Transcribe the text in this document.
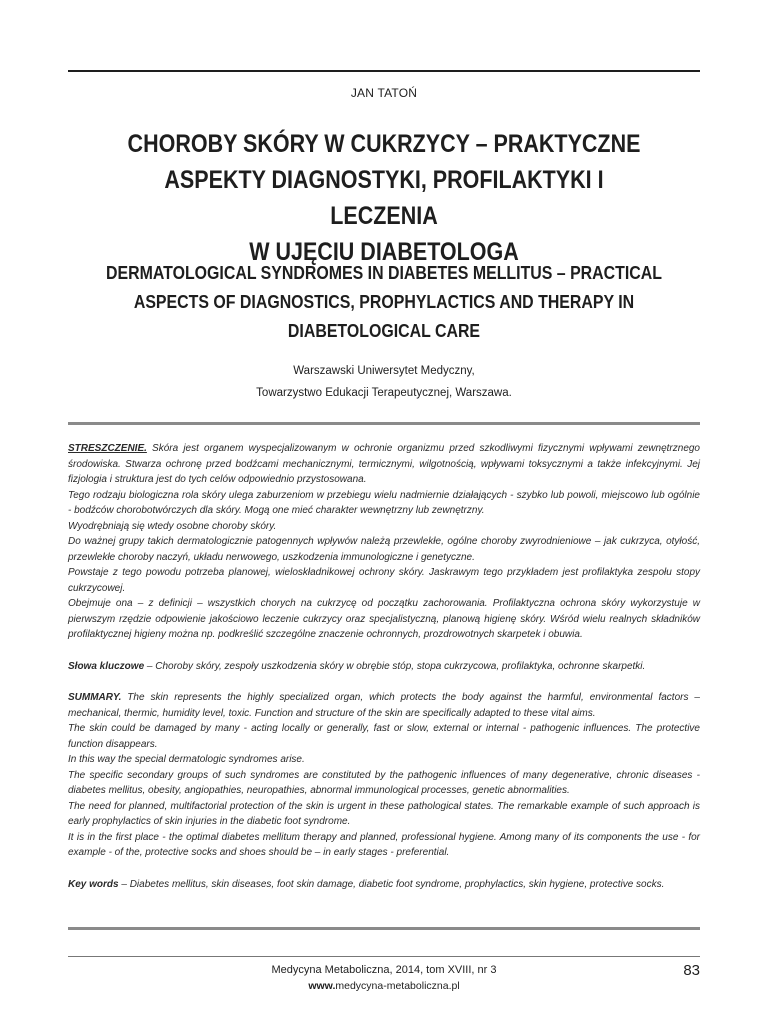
JAN TATOŃ
CHOROBY SKÓRY W CUKRZYCY – PRAKTYCZNE
ASPEKTY DIAGNOSTYKI, PROFILAKTYKI I LECZENIA
W UJĘCIU DIABETOLOGA
DERMATOLOGICAL SYNDROMES IN DIABETES MELLITUS – PRACTICAL
ASPECTS OF DIAGNOSTICS, PROPHYLACTICS AND THERAPY IN
DIABETOLOGICAL CARE
Warszawski Uniwersytet Medyczny,
Towarzystwo Edukacji Terapeutycznej, Warszawa.

STRESZCZENIE. Skóra jest organem wyspecjalizowanym w ochronie organizmu przed szkodliwymi fizycznymi wpływami zewnętrznego środowiska. Stwarza ochronę przed bodźcami mechanicznymi, termicznymi, wilgotnością, wpływami toksycznymi a także infekcyjnymi. Jej fizjologia i struktura jest do tych celów odpowiednio przystosowana.

Tego rodzaju biologiczna rola skóry ulega zaburzeniom w przebiegu wielu nadmiernie działających - szybko lub powoli, miejscowo lub ogólnie - bodźców chorobotwórczych dla skóry. Mogą one mieć charakter wewnętrzny lub zewnętrzny.

Wyodrębniają się wtedy osobne choroby skóry.

Do ważnej grupy takich dermatologicznie patogennych wpływów należą przewlekłe, ogólne choroby zwyrodnieniowe – jak cukrzyca, otyłość, przewlekłe choroby naczyń, układu nerwowego, uszkodzenia immunologiczne i genetyczne.

Powstaje z tego powodu potrzeba planowej, wieloskładnikowej ochrony skóry. Jaskrawym tego przykładem jest profilaktyka zespołu stopy cukrzycowej.

Obejmuje ona – z definicji – wszystkich chorych na cukrzycę od początku zachorowania. Profilaktyczna ochrona skóry wykorzystuje w pierwszym rzędzie odpowienie jakościowo leczenie cukrzycy oraz specjalistyczną, planową higienę skóry. Wśród wielu realnych składników profilaktycznej higieny można np. podkreślić szczególne znaczenie ochronnych, prozdrowotnych skarpetek i obuwia.

Słowa kluczowe – Choroby skóry, zespoły uszkodzenia skóry w obrębie stóp, stopa cukrzycowa, profilaktyka, ochronne skarpetki.

SUMMARY. The skin represents the highly specialized organ, which protects the body against the harmful, environmental factors – mechanical, thermic, humidity level, toxic. Function and structure of the skin are specifically adapted to these vital aims.

The skin could be damaged by many - acting locally or generally, fast or slow, external or internal - pathogenic influences. The protective function disappears.

In this way the special dermatologic syndromes arise.

The specific secondary groups of such syndromes are constituted by the pathogenic influences of many degenerative, chronic diseases - diabetes mellitus, obesity, angiopathies, neuropathies, abnormal immunological processes, genetic abnormalities.

The need for planned, multifactorial protection of the skin is urgent in these pathological states. The remarkable example of such approach is early prophylactics of skin injuries in the diabetic foot syndrome.

It is in the first place - the optimal diabetes mellitum therapy and planned, professional hygiene. Among many of its components the use - for example - of the, protective socks and shoes should be – in early stages - preferential.

Key words – Diabetes mellitus, skin diseases, foot skin damage, diabetic foot syndrome, prophylactics, skin hygiene, protective socks.

Medycyna Metaboliczna, 2014, tom XVIII, nr 3
www.medycyna-metaboliczna.pl
83
